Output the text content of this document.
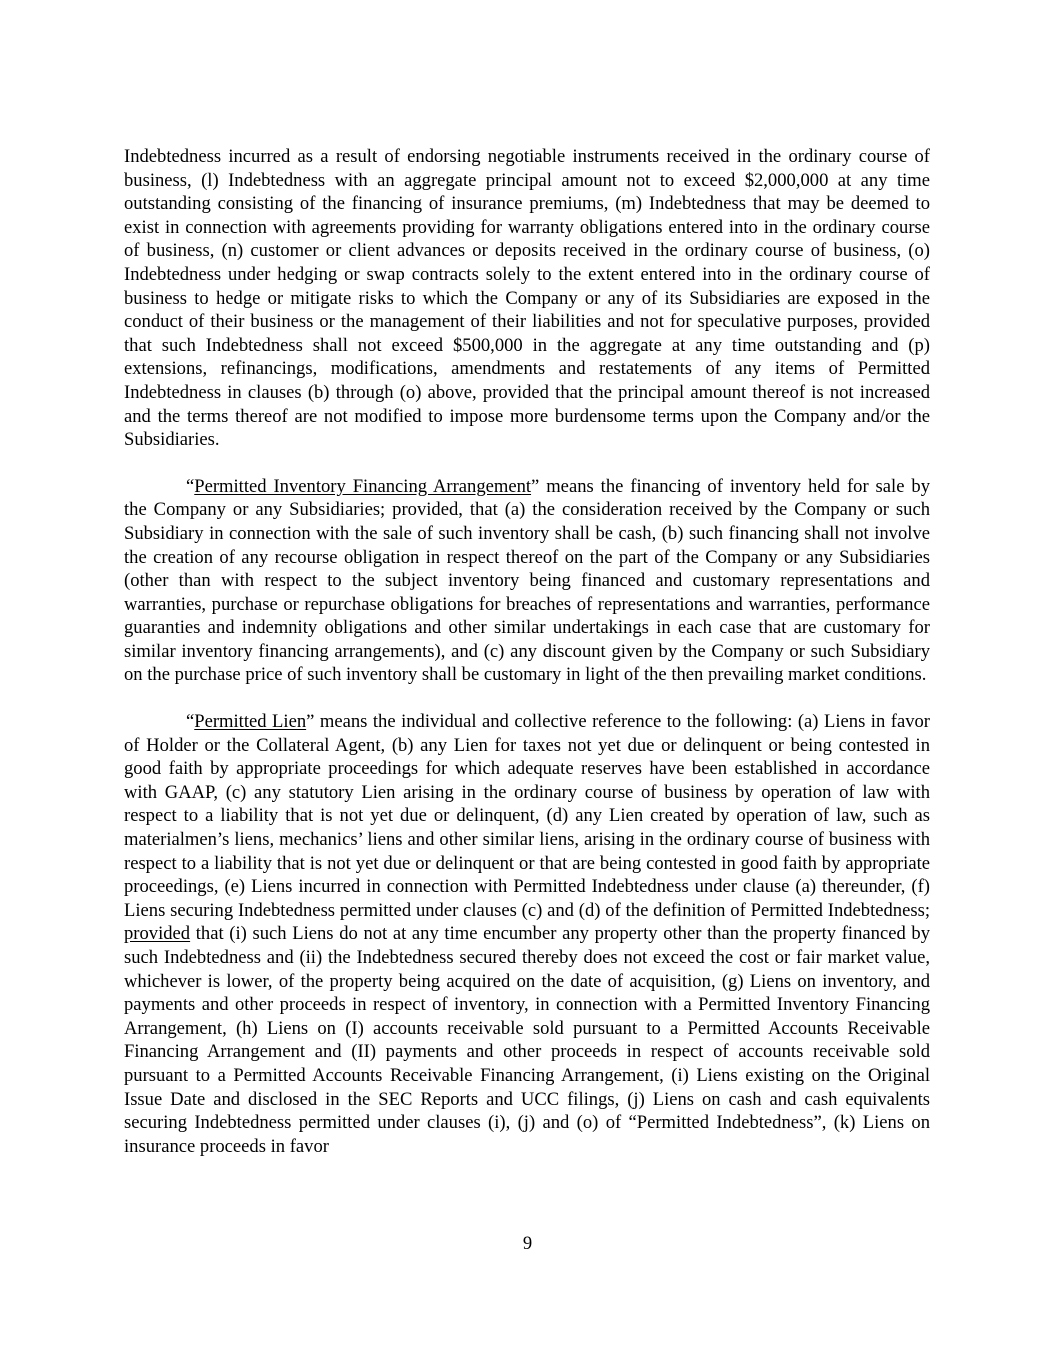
Indebtedness incurred as a result of endorsing negotiable instruments received in the ordinary course of business, (l) Indebtedness with an aggregate principal amount not to exceed $2,000,000 at any time outstanding consisting of the financing of insurance premiums, (m) Indebtedness that may be deemed to exist in connection with agreements providing for warranty obligations entered into in the ordinary course of business, (n) customer or client advances or deposits received in the ordinary course of business, (o) Indebtedness under hedging or swap contracts solely to the extent entered into in the ordinary course of business to hedge or mitigate risks to which the Company or any of its Subsidiaries are exposed in the conduct of their business or the management of their liabilities and not for speculative purposes, provided that such Indebtedness shall not exceed $500,000 in the aggregate at any time outstanding and (p) extensions, refinancings, modifications, amendments and restatements of any items of Permitted Indebtedness in clauses (b) through (o) above, provided that the principal amount thereof is not increased and the terms thereof are not modified to impose more burdensome terms upon the Company and/or the Subsidiaries.

“Permitted Inventory Financing Arrangement” means the financing of inventory held for sale by the Company or any Subsidiaries; provided, that (a) the consideration received by the Company or such Subsidiary in connection with the sale of such inventory shall be cash, (b) such financing shall not involve the creation of any recourse obligation in respect thereof on the part of the Company or any Subsidiaries (other than with respect to the subject inventory being financed and customary representations and warranties, purchase or repurchase obligations for breaches of representations and warranties, performance guaranties and indemnity obligations and other similar undertakings in each case that are customary for similar inventory financing arrangements), and (c) any discount given by the Company or such Subsidiary on the purchase price of such inventory shall be customary in light of the then prevailing market conditions.

“Permitted Lien” means the individual and collective reference to the following: (a) Liens in favor of Holder or the Collateral Agent, (b) any Lien for taxes not yet due or delinquent or being contested in good faith by appropriate proceedings for which adequate reserves have been established in accordance with GAAP, (c) any statutory Lien arising in the ordinary course of business by operation of law with respect to a liability that is not yet due or delinquent, (d) any Lien created by operation of law, such as materialmen’s liens, mechanics’ liens and other similar liens, arising in the ordinary course of business with respect to a liability that is not yet due or delinquent or that are being contested in good faith by appropriate proceedings, (e) Liens incurred in connection with Permitted Indebtedness under clause (a) thereunder, (f) Liens securing Indebtedness permitted under clauses (c) and (d) of the definition of Permitted Indebtedness; provided that (i) such Liens do not at any time encumber any property other than the property financed by such Indebtedness and (ii) the Indebtedness secured thereby does not exceed the cost or fair market value, whichever is lower, of the property being acquired on the date of acquisition, (g) Liens on inventory, and payments and other proceeds in respect of inventory, in connection with a Permitted Inventory Financing Arrangement, (h) Liens on (I) accounts receivable sold pursuant to a Permitted Accounts Receivable Financing Arrangement and (II) payments and other proceeds in respect of accounts receivable sold pursuant to a Permitted Accounts Receivable Financing Arrangement, (i) Liens existing on the Original Issue Date and disclosed in the SEC Reports and UCC filings, (j) Liens on cash and cash equivalents securing Indebtedness permitted under clauses (i), (j) and (o) of “Permitted Indebtedness”, (k) Liens on insurance proceeds in favor

9
